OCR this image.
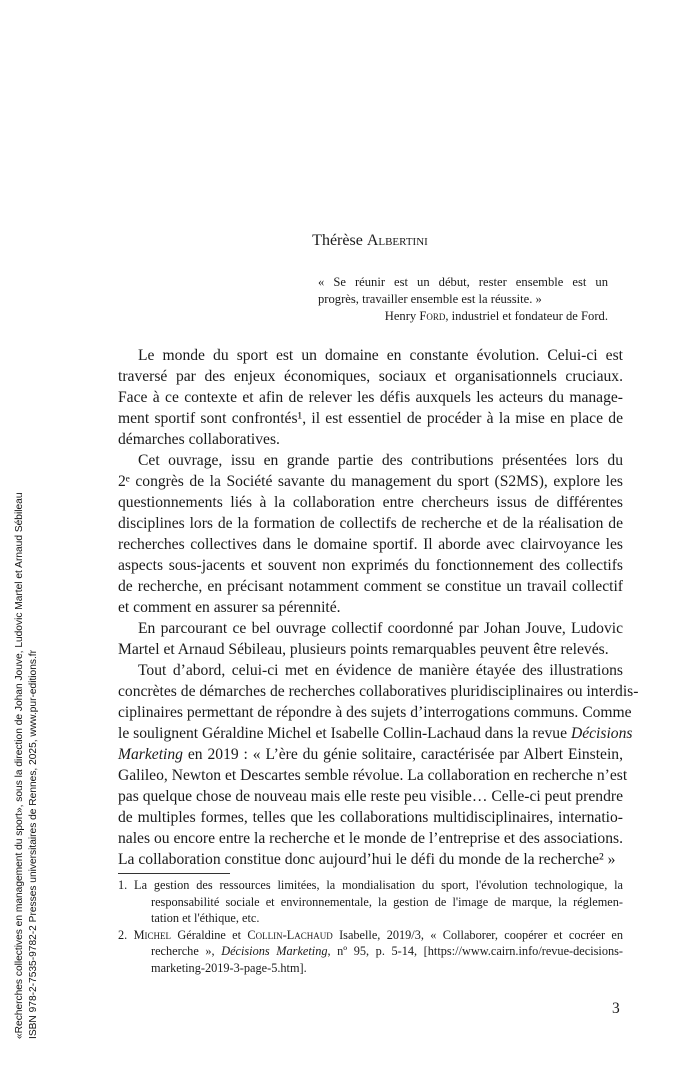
Thérèse Albertini
« Se réunir est un début, rester ensemble est un
progrès, travailler ensemble est la réussite. »
Henry Ford, industriel et fondateur de Ford.
Le monde du sport est un domaine en constante évolution. Celui-ci est
traversé par des enjeux économiques, sociaux et organisationnels cruciaux.
Face à ce contexte et afin de relever les défis auxquels les acteurs du manage-
ment sportif sont confrontés¹, il est essentiel de procéder à la mise en place de
démarches collaboratives.
Cet ouvrage, issu en grande partie des contributions présentées lors du
2ᵉ congrès de la Société savante du management du sport (S2MS), explore les
questionnements liés à la collaboration entre chercheurs issus de différentes
disciplines lors de la formation de collectifs de recherche et de la réalisation de
recherches collectives dans le domaine sportif. Il aborde avec clairvoyance les
aspects sous-jacents et souvent non exprimés du fonctionnement des collectifs
de recherche, en précisant notamment comment se constitue un travail collectif
et comment en assurer sa pérennité.
En parcourant ce bel ouvrage collectif coordonné par Johan Jouve, Ludovic
Martel et Arnaud Sébileau, plusieurs points remarquables peuvent être relevés.
Tout d’abord, celui-ci met en évidence de manière étayée des illustrations
concrètes de démarches de recherches collaboratives pluridisciplinaires ou interdis-
ciplinaires permettant de répondre à des sujets d’interrogations communs. Comme
le soulignent Géraldine Michel et Isabelle Collin-Lachaud dans la revue Décisions
Marketing en 2019 : « L’ère du génie solitaire, caractérisée par Albert Einstein,
Galileo, Newton et Descartes semble révolue. La collaboration en recherche n’est
pas quelque chose de nouveau mais elle reste peu visible… Celle-ci peut prendre
de multiples formes, telles que les collaborations multidisciplinaires, internatio-
nales ou encore entre la recherche et le monde de l’entreprise et des associations.
La collaboration constitue donc aujourd’hui le défi du monde de la recherche² »
1. La gestion des ressources limitées, la mondialisation du sport, l'évolution technologique, la
responsabilité sociale et environnementale, la gestion de l'image de marque, la réglemen-
tation et l'éthique, etc.
2. Michel Géraldine et Collin-Lachaud Isabelle, 2019/3, « Collaborer, coopérer et cocréer en
recherche », Décisions Marketing, nº 95, p. 5-14, [https://www.cairn.info/revue-decisions-
marketing-2019-3-page-5.htm].
3
«Recherches collectives en management du sport», sous la direction de Johan Jouve, Ludovic Martel et Arnaud Sébileau ISBN 978-2-7535-9782-2 Presses universitaires de Rennes, 2025, www.pur-editions.fr
